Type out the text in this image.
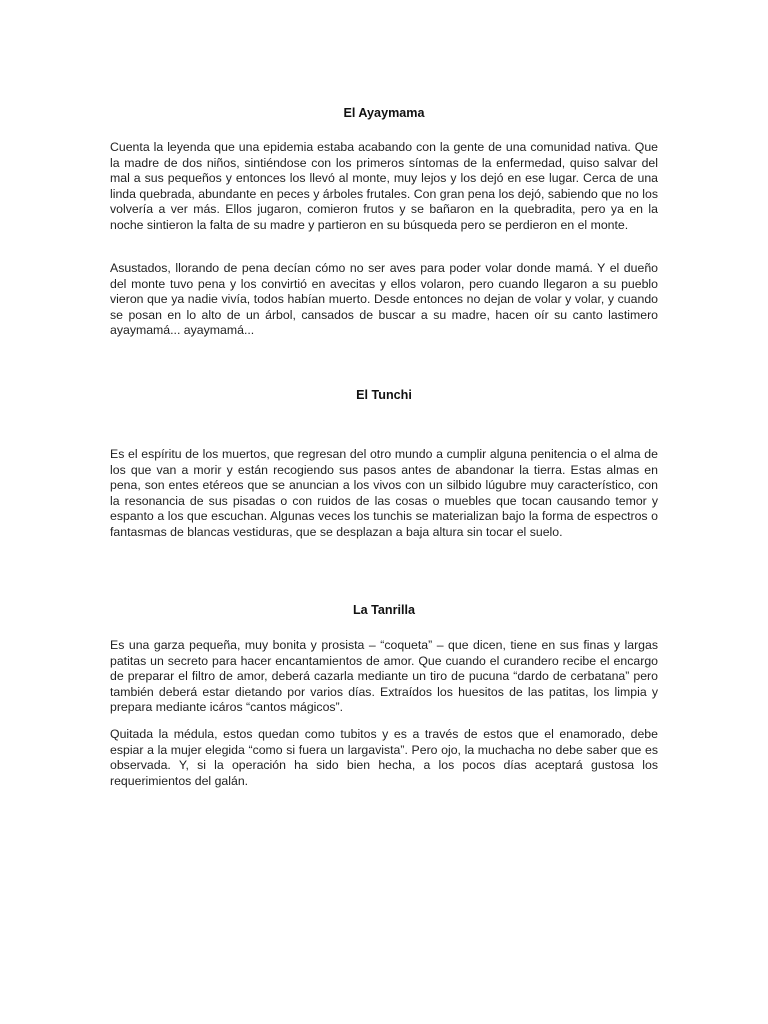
El Ayaymama

Cuenta la leyenda que una epidemia estaba acabando con la gente de una comunidad nativa. Que la madre de dos niños, sintiéndose con los primeros síntomas de la enfermedad, quiso salvar del mal a sus pequeños y entonces los llevó al monte, muy lejos y los dejó en ese lugar. Cerca de una linda quebrada, abundante en peces y árboles frutales. Con gran pena los dejó, sabiendo que no los volvería a ver más. Ellos jugaron, comieron frutos y se bañaron en la quebradita, pero ya en la noche sintieron la falta de su madre y partieron en su búsqueda pero se perdieron en el monte.

Asustados, llorando de pena decían cómo no ser aves para poder volar donde mamá. Y el dueño del monte tuvo pena y los convirtió en avecitas y ellos volaron, pero cuando llegaron a su pueblo vieron que ya nadie vivía, todos habían muerto. Desde entonces no dejan de volar y volar, y cuando se posan en lo alto de un árbol, cansados de buscar a su madre, hacen oír su canto lastimero ayaymamá... ayaymamá...

El Tunchi

Es el espíritu de los muertos, que regresan del otro mundo a cumplir alguna penitencia o el alma de los que van a morir y están recogiendo sus pasos antes de abandonar la tierra. Estas almas en pena, son entes etéreos que se anuncian a los vivos con un silbido lúgubre muy característico, con la resonancia de sus pisadas o con ruidos de las cosas o muebles que tocan causando temor y espanto a los que escuchan. Algunas veces los tunchis se materializan bajo la forma de espectros o fantasmas de blancas vestiduras, que se desplazan a baja altura sin tocar el suelo.

La Tanrilla

Es una garza pequeña, muy bonita y prosista – “coqueta” – que dicen, tiene en sus finas y largas patitas un secreto para hacer encantamientos de amor. Que cuando el curandero recibe el encargo de preparar el filtro de amor, deberá cazarla mediante un tiro de pucuna “dardo de cerbatana” pero también deberá estar dietando por varios días. Extraídos los huesitos de las patitas, los limpia y prepara mediante icáros “cantos mágicos”.

Quitada la médula, estos quedan como tubitos y es a través de estos que el enamorado, debe espiar a la mujer elegida “como si fuera un largavista”. Pero ojo, la muchacha no debe saber que es observada. Y, si la operación ha sido bien hecha, a los pocos días aceptará gustosa los requerimientos del galán.
